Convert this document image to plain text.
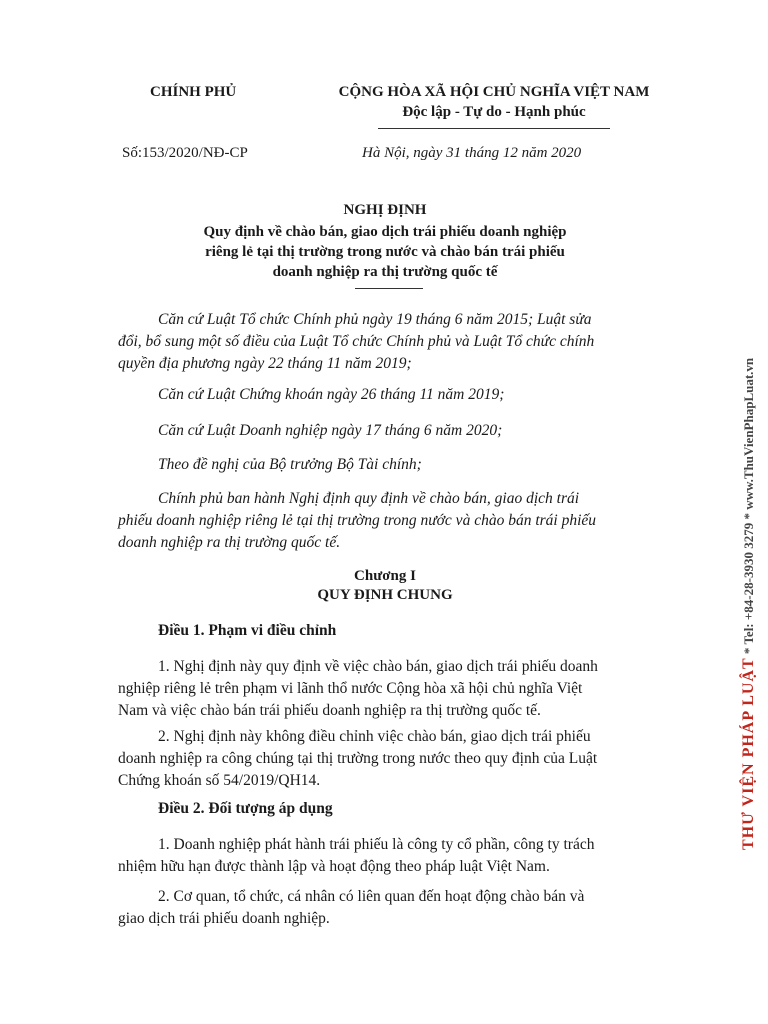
CHÍNH PHỦ	CỘNG HÒA XÃ HỘI CHỦ NGHĨA VIỆT NAM
Độc lập - Tự do - Hạnh phúc
Số:153/2020/NĐ-CP	Hà Nội, ngày 31 tháng 12 năm 2020
NGHỊ ĐỊNH
Quy định về chào bán, giao dịch trái phiếu doanh nghiệp
riêng lẻ tại thị trường trong nước và chào bán trái phiếu
doanh nghiệp ra thị trường quốc tế
Căn cứ Luật Tổ chức Chính phủ ngày 19 tháng 6 năm 2015; Luật sửa
đổi, bổ sung một số điều của Luật Tổ chức Chính phủ và Luật Tổ chức chính
quyền địa phương ngày 22 tháng 11 năm 2019;
Căn cứ Luật Chứng khoán ngày 26 tháng 11 năm 2019;
Căn cứ Luật Doanh nghiệp ngày 17 tháng 6 năm 2020;
Theo đề nghị của Bộ trưởng Bộ Tài chính;
Chính phủ ban hành Nghị định quy định về chào bán, giao dịch trái
phiếu doanh nghiệp riêng lẻ tại thị trường trong nước và chào bán trái phiếu
doanh nghiệp ra thị trường quốc tế.
Chương I
QUY ĐỊNH CHUNG
Điều 1. Phạm vi điều chỉnh
1. Nghị định này quy định về việc chào bán, giao dịch trái phiếu doanh
nghiệp riêng lẻ trên phạm vi lãnh thổ nước Cộng hòa xã hội chủ nghĩa Việt
Nam và việc chào bán trái phiếu doanh nghiệp ra thị trường quốc tế.
2. Nghị định này không điều chỉnh việc chào bán, giao dịch trái phiếu
doanh nghiệp ra công chúng tại thị trường trong nước theo quy định của Luật
Chứng khoán số 54/2019/QH14.
Điều 2. Đối tượng áp dụng
1. Doanh nghiệp phát hành trái phiếu là công ty cổ phần, công ty trách
nhiệm hữu hạn được thành lập và hoạt động theo pháp luật Việt Nam.
2. Cơ quan, tổ chức, cá nhân có liên quan đến hoạt động chào bán và
giao dịch trái phiếu doanh nghiệp.
THƯ VIỆN PHÁP LUẬT * Tel: +84-28-3930 3279 * www.ThuVienPhapLuat.vn
